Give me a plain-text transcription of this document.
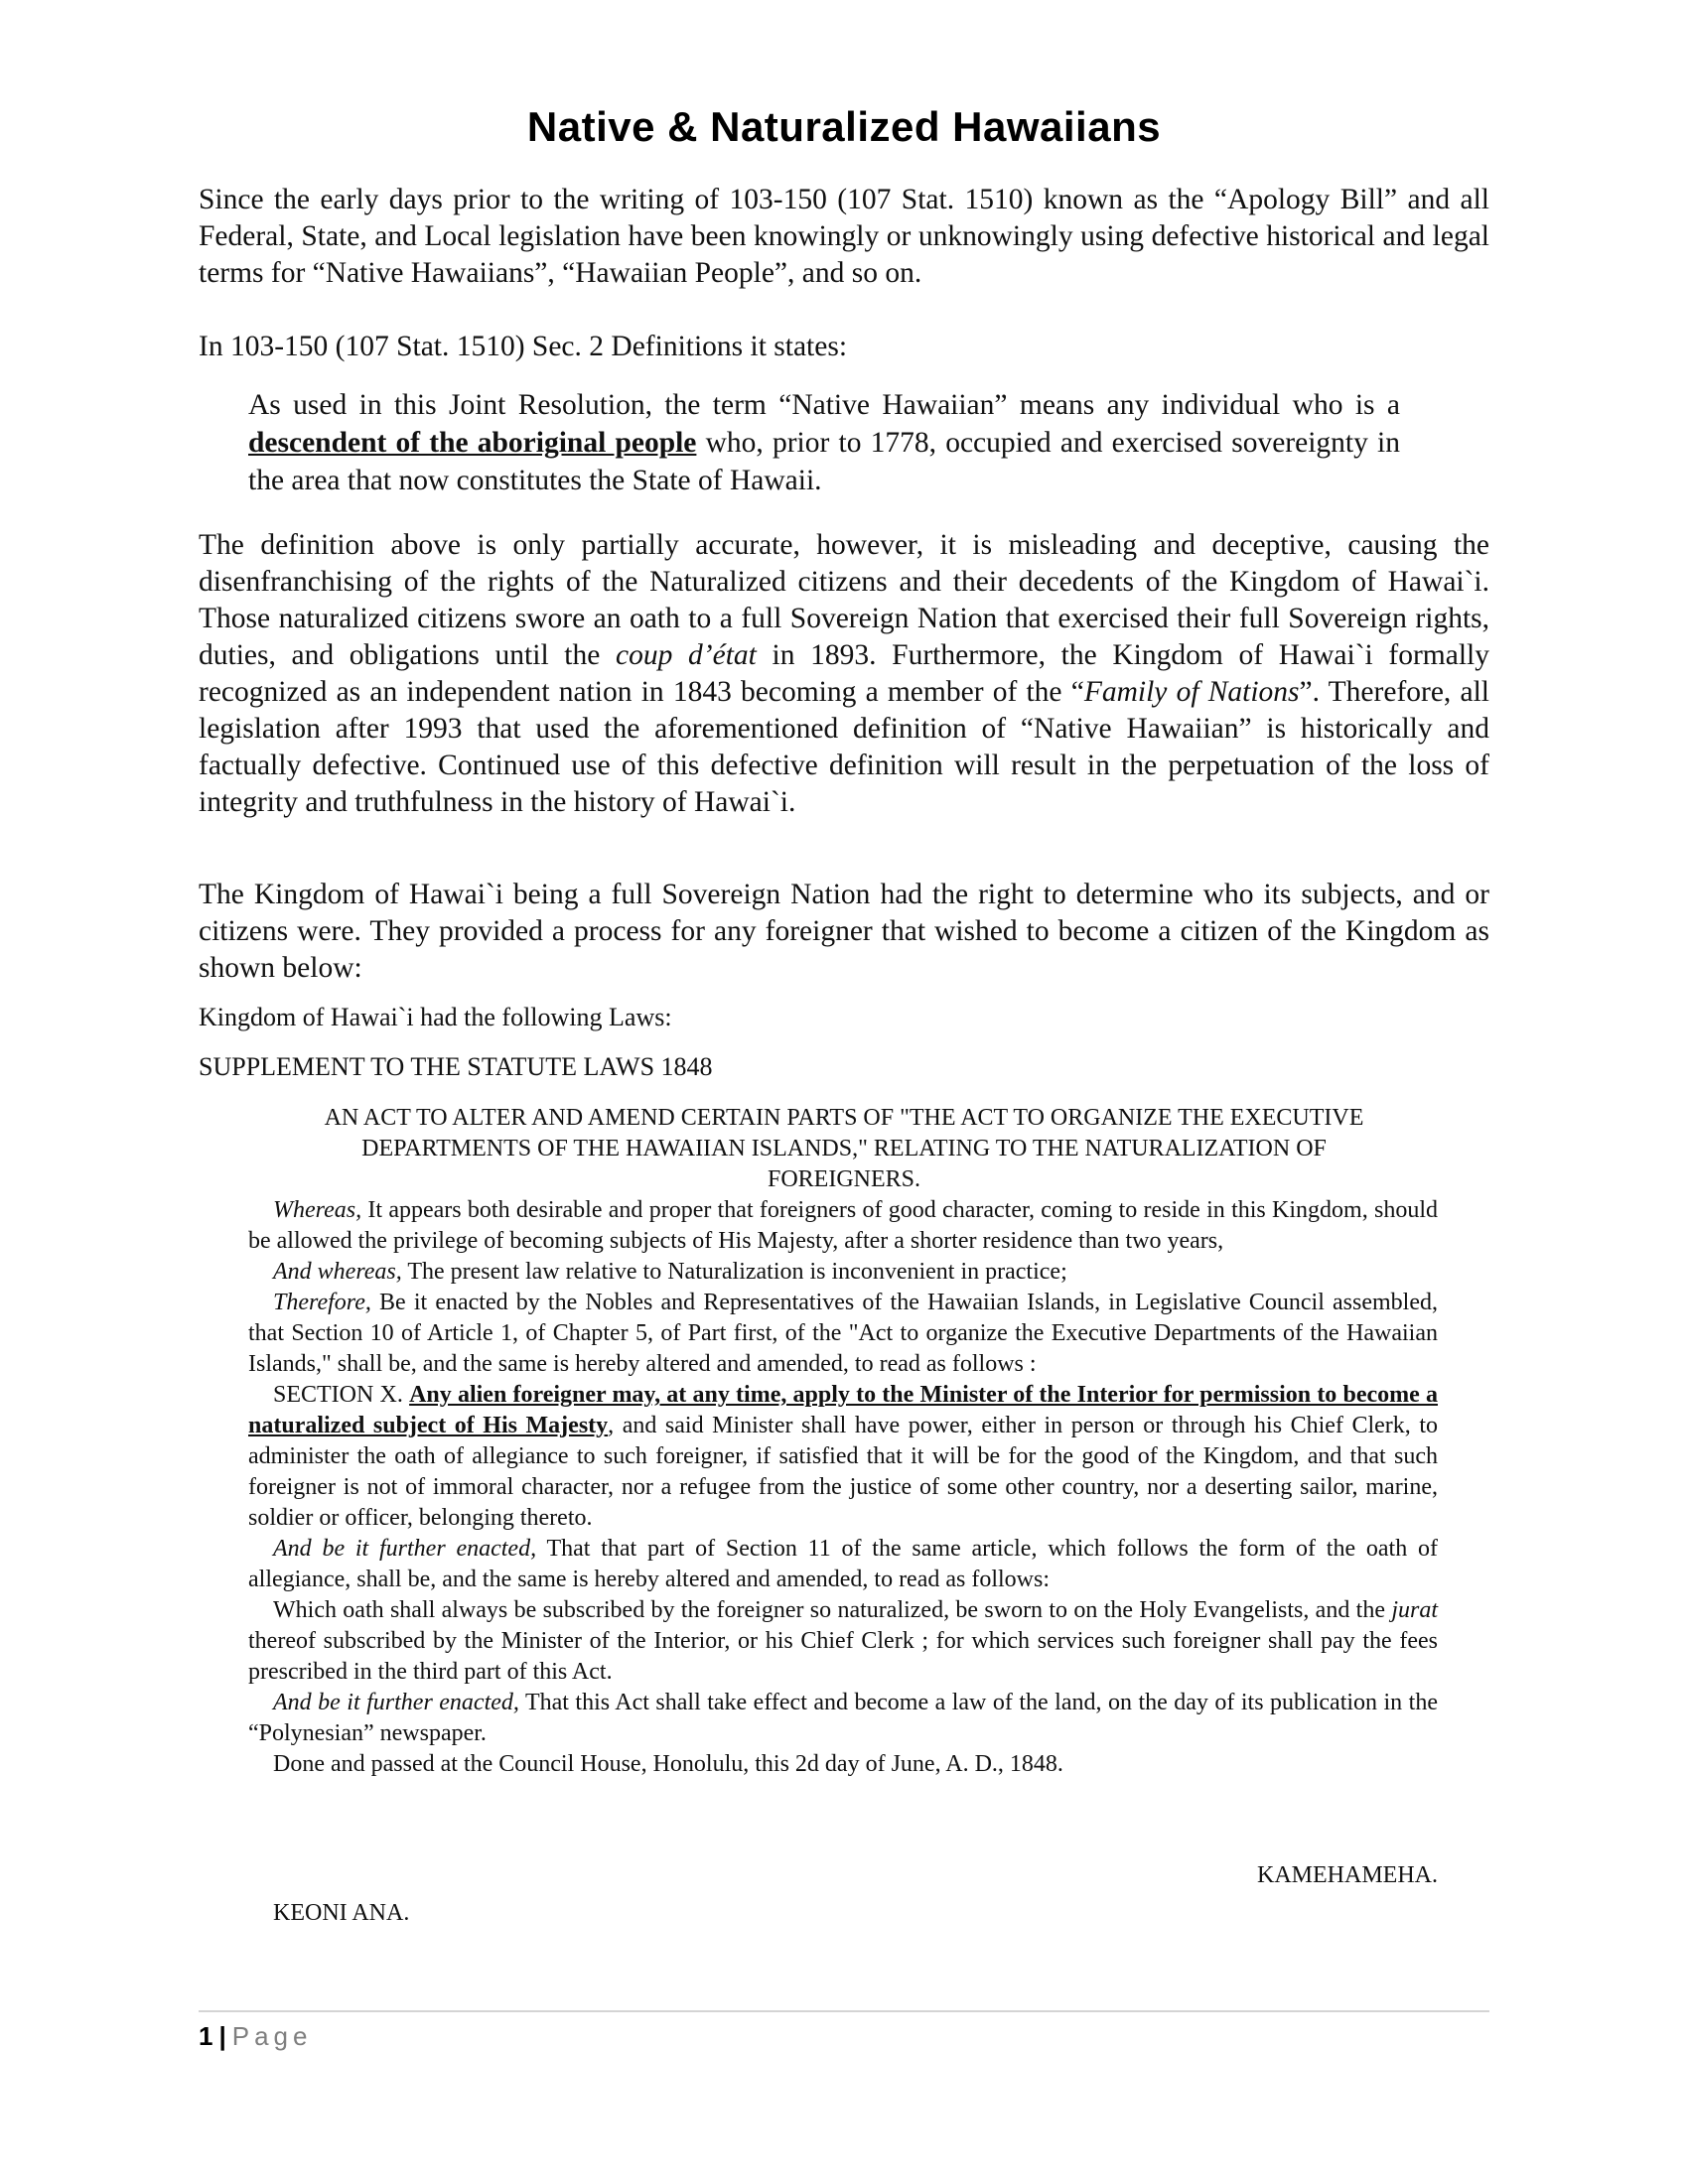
Native & Naturalized Hawaiians

Since the early days prior to the writing of 103-150 (107 Stat. 1510) known as the “Apology Bill” and all Federal, State, and Local legislation have been knowingly or unknowingly using defective historical and legal terms for “Native Hawaiians”, “Hawaiian People”, and so on.

In 103-150 (107 Stat. 1510) Sec. 2 Definitions it states:

As used in this Joint Resolution, the term “Native Hawaiian” means any individual who is a descendent of the aboriginal people who, prior to 1778, occupied and exercised sovereignty in the area that now constitutes the State of Hawaii.

The definition above is only partially accurate, however, it is misleading and deceptive, causing the disenfranchising of the rights of the Naturalized citizens and their decedents of the Kingdom of Hawai`i. Those naturalized citizens swore an oath to a full Sovereign Nation that exercised their full Sovereign rights, duties, and obligations until the coup d’état in 1893. Furthermore, the Kingdom of Hawai`i formally recognized as an independent nation in 1843 becoming a member of the “Family of Nations”. Therefore, all legislation after 1993 that used the aforementioned definition of “Native Hawaiian” is historically and factually defective. Continued use of this defective definition will result in the perpetuation of the loss of integrity and truthfulness in the history of Hawai`i.

The Kingdom of Hawai`i being a full Sovereign Nation had the right to determine who its subjects, and or citizens were. They provided a process for any foreigner that wished to become a citizen of the Kingdom as shown below:

Kingdom of Hawai`i had the following Laws:
SUPPLEMENT TO THE STATUTE LAWS 1848
AN ACT TO ALTER AND AMEND CERTAIN PARTS OF "THE ACT TO ORGANIZE THE EXECUTIVE DEPARTMENTS OF THE HAWAIIAN ISLANDS," RELATING TO THE NATURALIZATION OF FOREIGNERS.

Whereas, It appears both desirable and proper that foreigners of good character, coming to reside in this Kingdom, should be allowed the privilege of becoming subjects of His Majesty, after a shorter residence than two years,

And whereas, The present law relative to Naturalization is inconvenient in practice;

Therefore, Be it enacted by the Nobles and Representatives of the Hawaiian Islands, in Legislative Council assembled, that Section 10 of Article 1, of Chapter 5, of Part first, of the "Act to organize the Executive Departments of the Hawaiian Islands," shall be, and the same is hereby altered and amended, to read as follows :

SECTION X. Any alien foreigner may, at any time, apply to the Minister of the Interior for permission to become a naturalized subject of His Majesty, and said Minister shall have power, either in person or through his Chief Clerk, to administer the oath of allegiance to such foreigner, if satisfied that it will be for the good of the Kingdom, and that such foreigner is not of immoral character, nor a refugee from the justice of some other country, nor a deserting sailor, marine, soldier or officer, belonging thereto.

And be it further enacted, That that part of Section 11 of the same article, which follows the form of the oath of allegiance, shall be, and the same is hereby altered and amended, to read as follows:

Which oath shall always be subscribed by the foreigner so naturalized, be sworn to on the Holy Evangelists, and the jurat thereof subscribed by the Minister of the Interior, or his Chief Clerk ; for which services such foreigner shall pay the fees prescribed in the third part of this Act.

And be it further enacted, That this Act shall take effect and become a law of the land, on the day of its publication in the “Polynesian” newspaper.

Done and passed at the Council House, Honolulu, this 2d day of June, A. D., 1848.

KAMEHAMEHA.
KEONI ANA.
1 | Page
